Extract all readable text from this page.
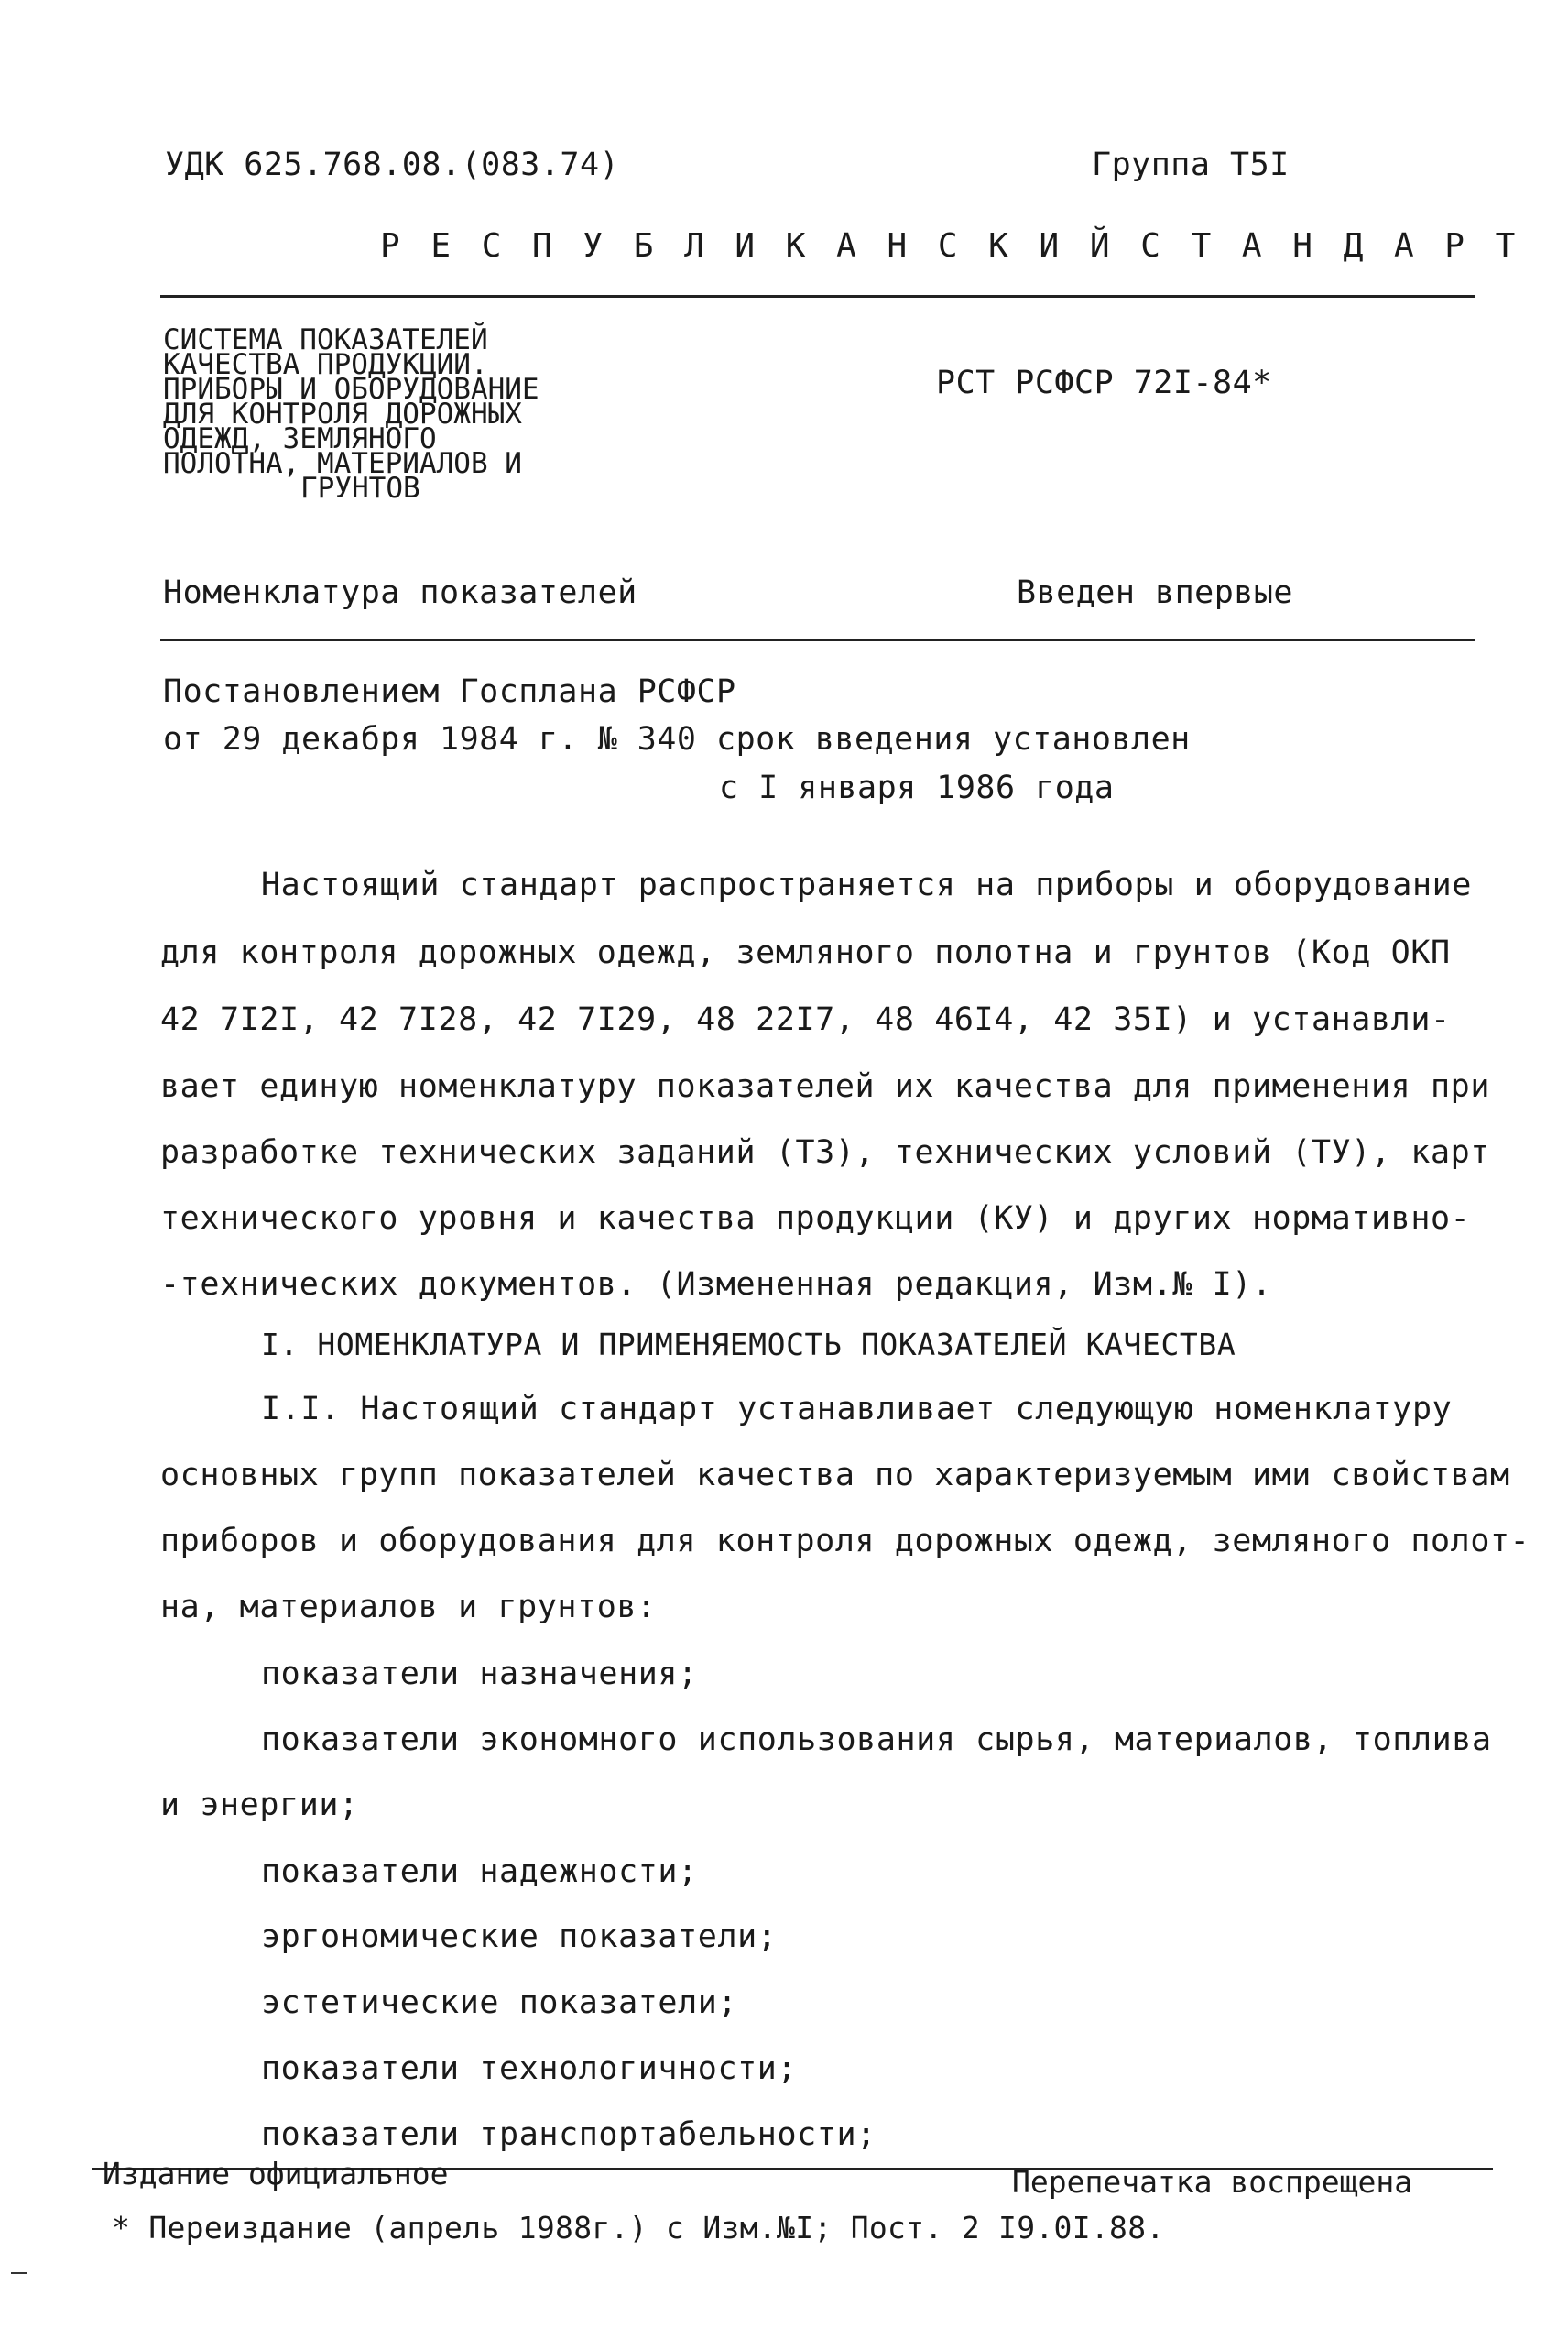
УДК 625.768.08.(083.74)	Группа Т5I
Р Е С П У Б Л И К А Н С К И Й С Т А Н Д А Р Т
СИСТЕМА ПОКАЗАТЕЛЕЙ
КАЧЕСТВА ПРОДУКЦИИ.
ПРИБОРЫ И ОБОРУДОВАНИЕ
ДЛЯ КОНТРОЛЯ ДОРОЖНЫХ
ОДЕЖД, ЗЕМЛЯНОГО
ПОЛОТНА, МАТЕРИАЛОВ И
ГРУНТОВ
РСТ РСФСР 72I-84*
Номенклатура показателей	Введен впервые
Постановлением Госплана РСФСР
от 29 декабря 1984 г. № 340 срок введения установлен
с I января 1986 года
Настоящий стандарт распространяется на приборы и оборудование
для контроля дорожных одежд, земляного полотна и грунтов (Код ОКП
42 7I2I, 42 7I28, 42 7I29, 48 22I7, 48 46I4, 42 35I) и устанавли-
вает единую номенклатуру показателей их качества для применения при
разработке технических заданий (ТЗ), технических условий (ТУ), карт
технического уровня и качества продукции (КУ) и других нормативно-
-технических документов. (Измененная редакция, Изм.№ I).
I. НОМЕНКЛАТУРА И ПРИМЕНЯЕМОСТЬ ПОКАЗАТЕЛЕЙ КАЧЕСТВА
I.I. Настоящий стандарт устанавливает следующую номенклатуру
основных групп показателей качества по характеризуемым ими свойствам
приборов и оборудования для контроля дорожных одежд, земляного полот-
на, материалов и грунтов:
показатели назначения;
показатели экономного использования сырья, материалов, топлива
и энергии;
показатели надежности;
эргономические показатели;
эстетические показатели;
показатели технологичности;
показатели транспортабельности;
Издание официальное	Перепечатка воспрещена
* Переиздание (апрель 1988г.) с Изм.№I; Пост. 2 I9.0I.88.
